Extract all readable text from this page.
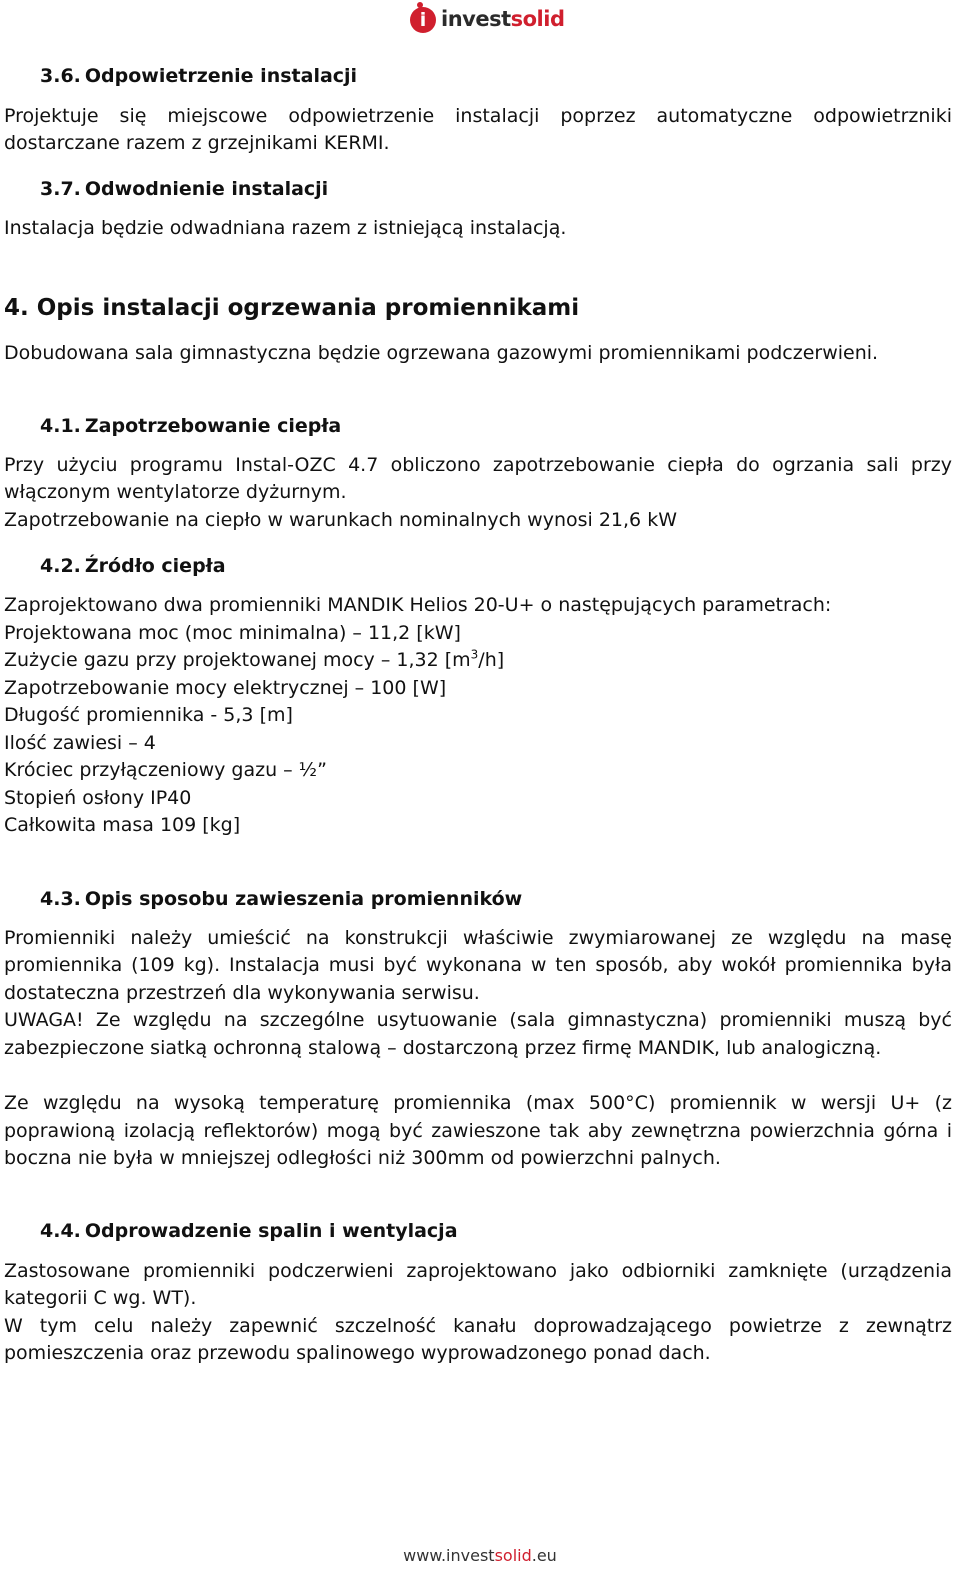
i investsolid
3.6. Odpowietrzenie instalacji
Projektuje się miejscowe odpowietrzenie instalacji poprzez automatyczne odpowietrzniki
dostarczane razem z grzejnikami KERMI.
3.7. Odwodnienie instalacji
Instalacja będzie odwadniana razem z istniejącą instalacją.
4. Opis instalacji ogrzewania promiennikami
Dobudowana sala gimnastyczna będzie ogrzewana gazowymi promiennikami podczerwieni.
4.1. Zapotrzebowanie ciepła
Przy użyciu programu Instal-OZC 4.7 obliczono zapotrzebowanie ciepła do ogrzania sali przy
włączonym wentylatorze dyżurnym.
Zapotrzebowanie na ciepło w warunkach nominalnych wynosi 21,6 kW
4.2. Źródło ciepła
Zaprojektowano dwa promienniki MANDIK Helios 20-U+ o następujących parametrach:
Projektowana moc (moc minimalna) – 11,2 [kW]
Zużycie gazu przy projektowanej mocy – 1,32 $[m^3/h]$
Zapotrzebowanie mocy elektrycznej – 100 [W]
Długość promiennika - 5,3 [m]
Ilość zawiesi – 4
Króciec przyłączeniowy gazu – ½”
Stopień osłony IP40
Całkowita masa 109 [kg]
4.3. Opis sposobu zawieszenia promienników
Promienniki należy umieścić na konstrukcji właściwie zwymiarowanej ze względu na masę
promiennika (109 kg). Instalacja musi być wykonana w ten sposób, aby wokół promiennika była
dostateczna przestrzeń dla wykonywania serwisu.
UWAGA! Ze względu na szczególne usytuowanie (sala gimnastyczna) promienniki muszą być
zabezpieczone siatką ochronną stalową – dostarczoną przez firmę MANDIK, lub analogiczną.
Ze względu na wysoką temperaturę promiennika (max 500°C) promiennik w wersji U+ (z
poprawioną izolacją reflektorów) mogą być zawieszone tak aby zewnętrzna powierzchnia górna i
boczna nie była w mniejszej odległości niż 300mm od powierzchni palnych.
4.4. Odprowadzenie spalin i wentylacja
Zastosowane promienniki podczerwieni zaprojektowano jako odbiorniki zamknięte (urządzenia
kategorii C wg. WT).
W tym celu należy zapewnić szczelność kanału doprowadzającego powietrze z zewnątrz
pomieszczenia oraz przewodu spalinowego wyprowadzonego ponad dach.
www.investsolid.eu
